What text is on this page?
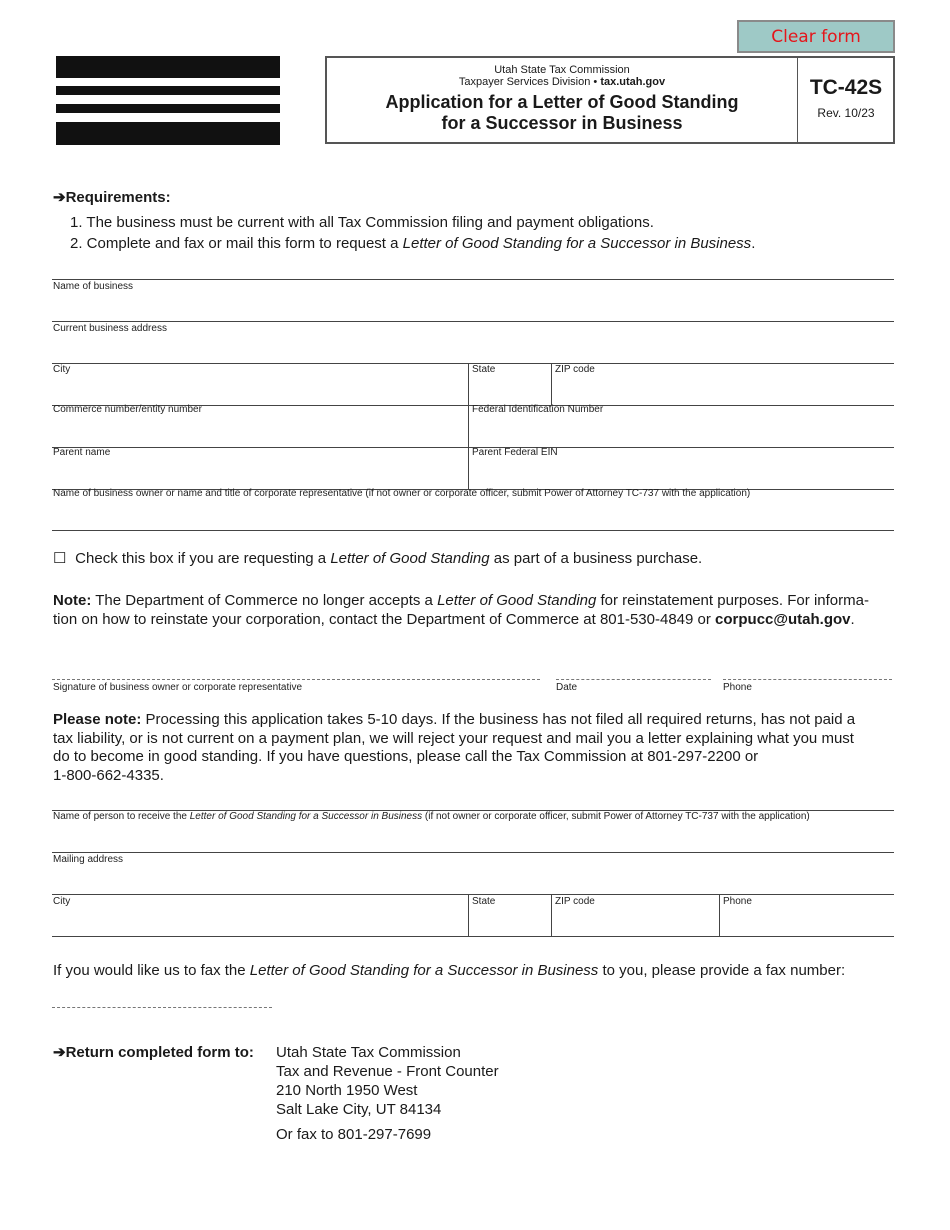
Clear form
Utah State Tax Commission
Taxpayer Services Division • tax.utah.gov
Application for a Letter of Good Standing
for a Successor in Business
TC-42S
Rev. 10/23
➔Requirements:
1. The business must be current with all Tax Commission filing and payment obligations.
2. Complete and fax or mail this form to request a Letter of Good Standing for a Successor in Business.
Name of business
Current business address
City	State	ZIP code
Commerce number/entity number	Federal Identification Number
Parent name	Parent Federal EIN
Name of business owner or name and title of corporate representative (if not owner or corporate officer, submit Power of Attorney TC-737 with the application)
☐ Check this box if you are requesting a Letter of Good Standing as part of a business purchase.
Note: The Department of Commerce no longer accepts a Letter of Good Standing for reinstatement purposes. For informa-
tion on how to reinstate your corporation, contact the Department of Commerce at 801-530-4849 or corpucc@utah.gov.
Signature of business owner or corporate representative	Date	Phone
Please note: Processing this application takes 5-10 days. If the business has not filed all required returns, has not paid a
tax liability, or is not current on a payment plan, we will reject your request and mail you a letter explaining what you must
do to become in good standing. If you have questions, please call the Tax Commission at 801-297-2200 or
1-800-662-4335.
Name of person to receive the Letter of Good Standing for a Successor in Business (if not owner or corporate officer, submit Power of Attorney TC-737 with the application)
Mailing address
City	State	ZIP code	Phone
If you would like us to fax the Letter of Good Standing for a Successor in Business to you, please provide a fax number:
➔Return completed form to: Utah State Tax Commission
Tax and Revenue - Front Counter
210 North 1950 West
Salt Lake City, UT 84134
Or fax to 801-297-7699
